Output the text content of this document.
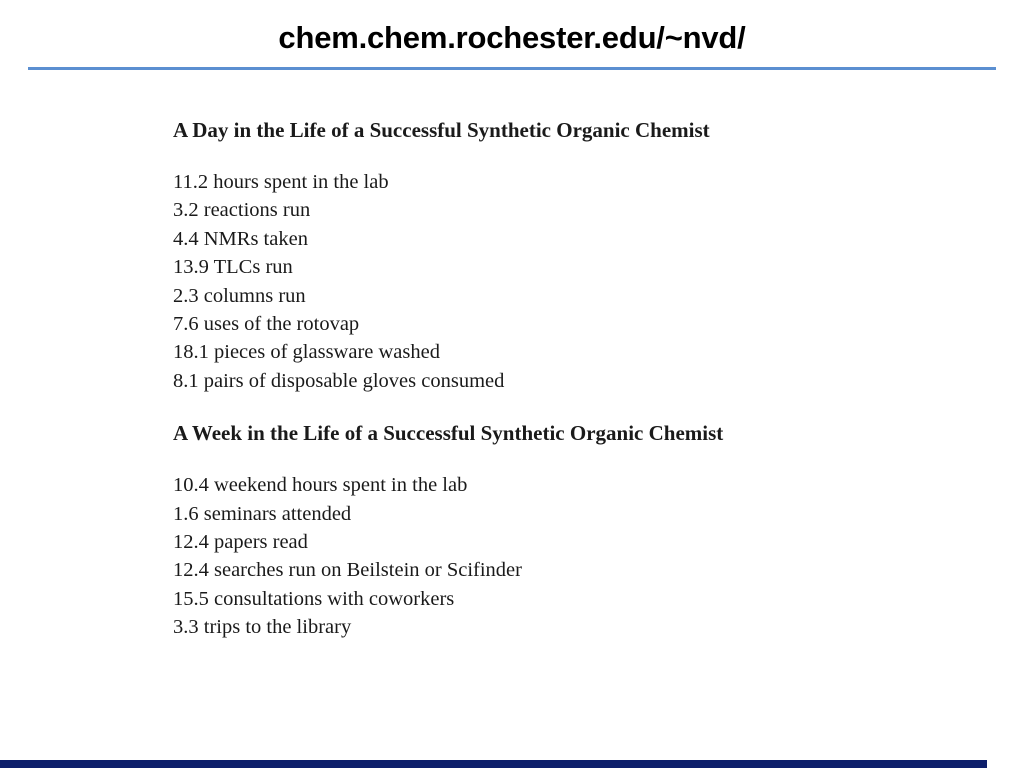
chem.chem.rochester.edu/~nvd/
A Day in the Life of a Successful Synthetic Organic Chemist
11.2 hours spent in the lab
3.2 reactions run
4.4 NMRs taken
13.9 TLCs run
2.3 columns run
7.6 uses of the rotovap
18.1 pieces of glassware washed
8.1 pairs of disposable gloves consumed
A Week in the Life of a Successful Synthetic Organic Chemist
10.4 weekend hours spent in the lab
1.6 seminars attended
12.4 papers read
12.4 searches run on Beilstein or Scifinder
15.5 consultations with coworkers
3.3 trips to the library
